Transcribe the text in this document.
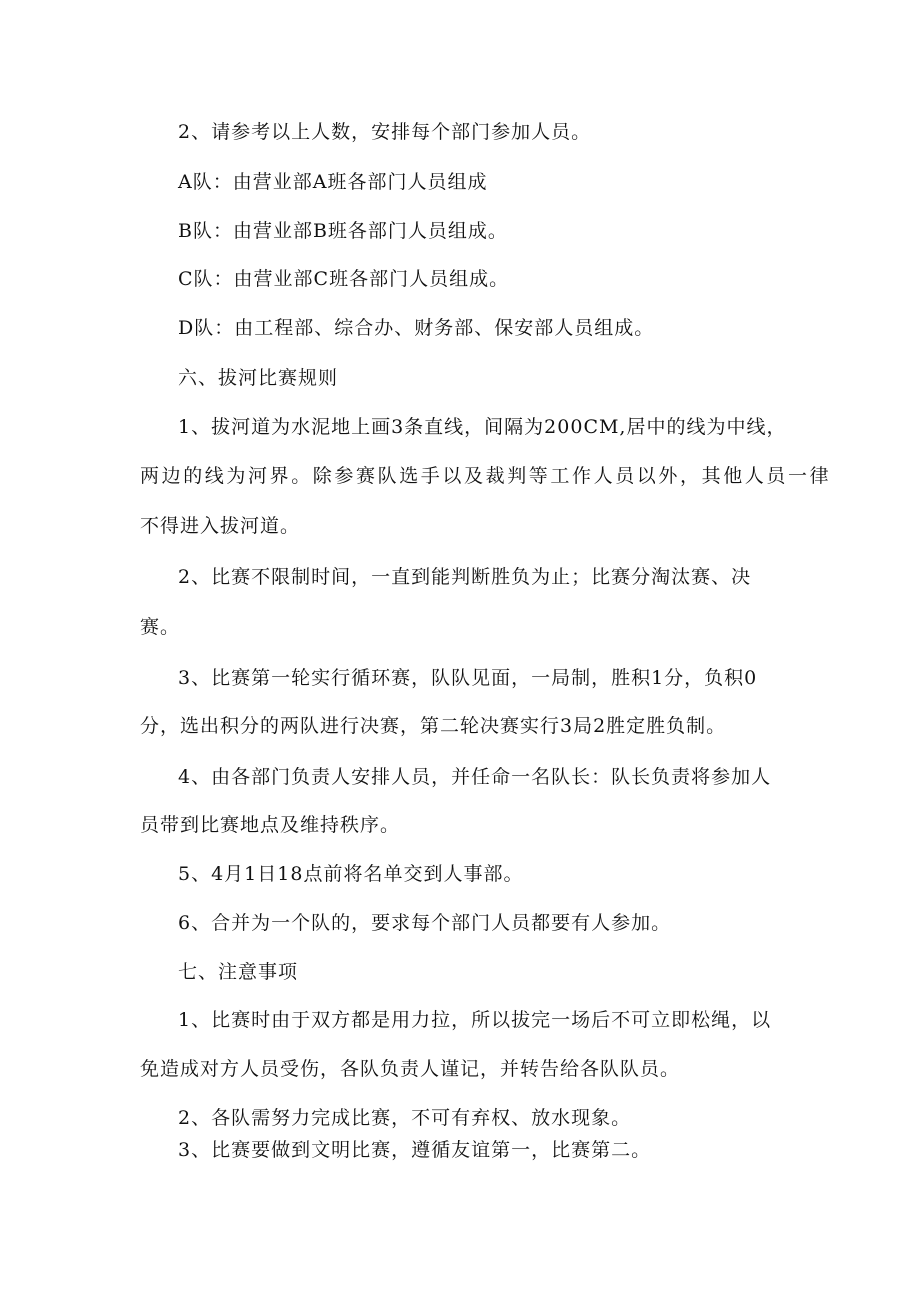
2、请参考以上人数，安排每个部门参加人员。
A队：由营业部A班各部门人员组成
B队：由营业部B班各部门人员组成。
C队：由营业部C班各部门人员组成。
D队：由工程部、综合办、财务部、保安部人员组成。
六、拔河比赛规则
1、拔河道为水泥地上画3条直线，间隔为200CM,居中的线为中线，
两边的线为河界。除参赛队选手以及裁判等工作人员以外，其他人员一律
不得进入拔河道。
2、比赛不限制时间，一直到能判断胜负为止；比赛分淘汰赛、决
赛。
3、比赛第一轮实行循环赛，队队见面，一局制，胜积1分，负积0
分，选出积分的两队进行决赛，第二轮决赛实行3局2胜定胜负制。
4、由各部门负责人安排人员，并任命一名队长：队长负责将参加人
员带到比赛地点及维持秩序。
5、4月1日18点前将名单交到人事部。
6、合并为一个队的，要求每个部门人员都要有人参加。
七、注意事项
1、比赛时由于双方都是用力拉，所以拔完一场后不可立即松绳，以
免造成对方人员受伤，各队负责人谨记，并转告给各队队员。
2、各队需努力完成比赛，不可有弃权、放水现象。
3、比赛要做到文明比赛，遵循友谊第一，比赛第二。
